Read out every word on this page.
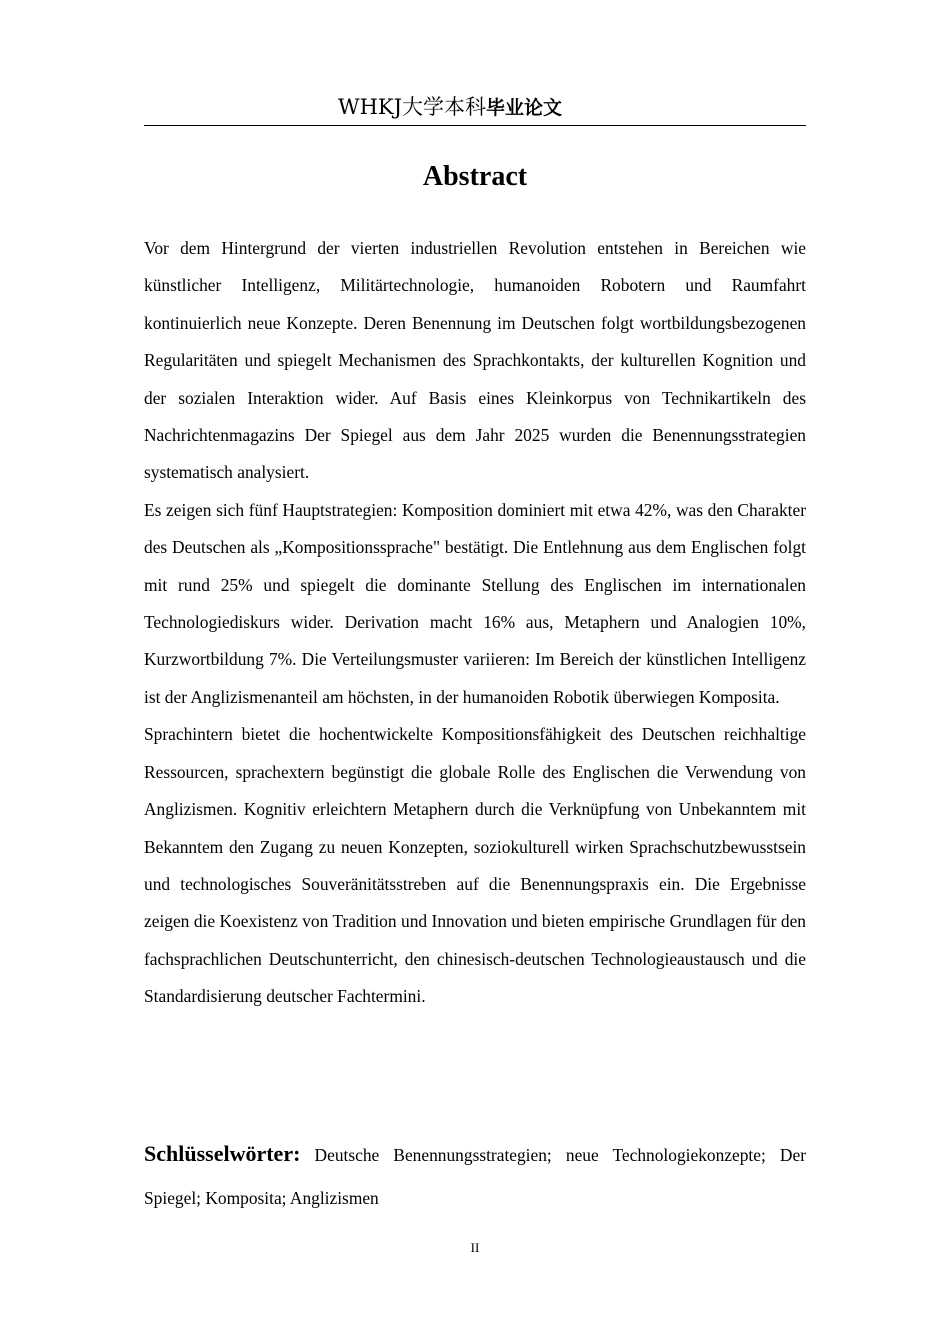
WHKJ大学本科毕业论文
Abstract

Vor dem Hintergrund der vierten industriellen Revolution entstehen in Bereichen wie künstlicher Intelligenz, Militärtechnologie, humanoiden Robotern und Raumfahrt kontinuierlich neue Konzepte. Deren Benennung im Deutschen folgt wortbildungsbezogenen Regularitäten und spiegelt Mechanismen des Sprachkontakts, der kulturellen Kognition und der sozialen Interaktion wider. Auf Basis eines Kleinkorpus von Technikartikeln des Nachrichtenmagazins Der Spiegel aus dem Jahr 2025 wurden die Benennungsstrategien systematisch analysiert.

Es zeigen sich fünf Hauptstrategien: Komposition dominiert mit etwa 42%, was den Charakter des Deutschen als „Kompositionssprache" bestätigt. Die Entlehnung aus dem Englischen folgt mit rund 25% und spiegelt die dominante Stellung des Englischen im internationalen Technologiediskurs wider. Derivation macht 16% aus, Metaphern und Analogien 10%, Kurzwortbildung 7%. Die Verteilungsmuster variieren: Im Bereich der künstlichen Intelligenz ist der Anglizismenanteil am höchsten, in der humanoiden Robotik überwiegen Komposita.

Sprachintern bietet die hochentwickelte Kompositionsfähigkeit des Deutschen reichhaltige Ressourcen, sprachextern begünstigt die globale Rolle des Englischen die Verwendung von Anglizismen. Kognitiv erleichtern Metaphern durch die Verknüpfung von Unbekanntem mit Bekanntem den Zugang zu neuen Konzepten, soziokulturell wirken Sprachschutzbewusstsein und technologisches Souveränitätsstreben auf die Benennungspraxis ein. Die Ergebnisse zeigen die Koexistenz von Tradition und Innovation und bieten empirische Grundlagen für den fachsprachlichen Deutschunterricht, den chinesisch-deutschen Technologieaustausch und die Standardisierung deutscher Fachtermini.

Schlüsselwörter: Deutsche Benennungsstrategien; neue Technologiekonzepte; Der Spiegel; Komposita; Anglizismen
II
